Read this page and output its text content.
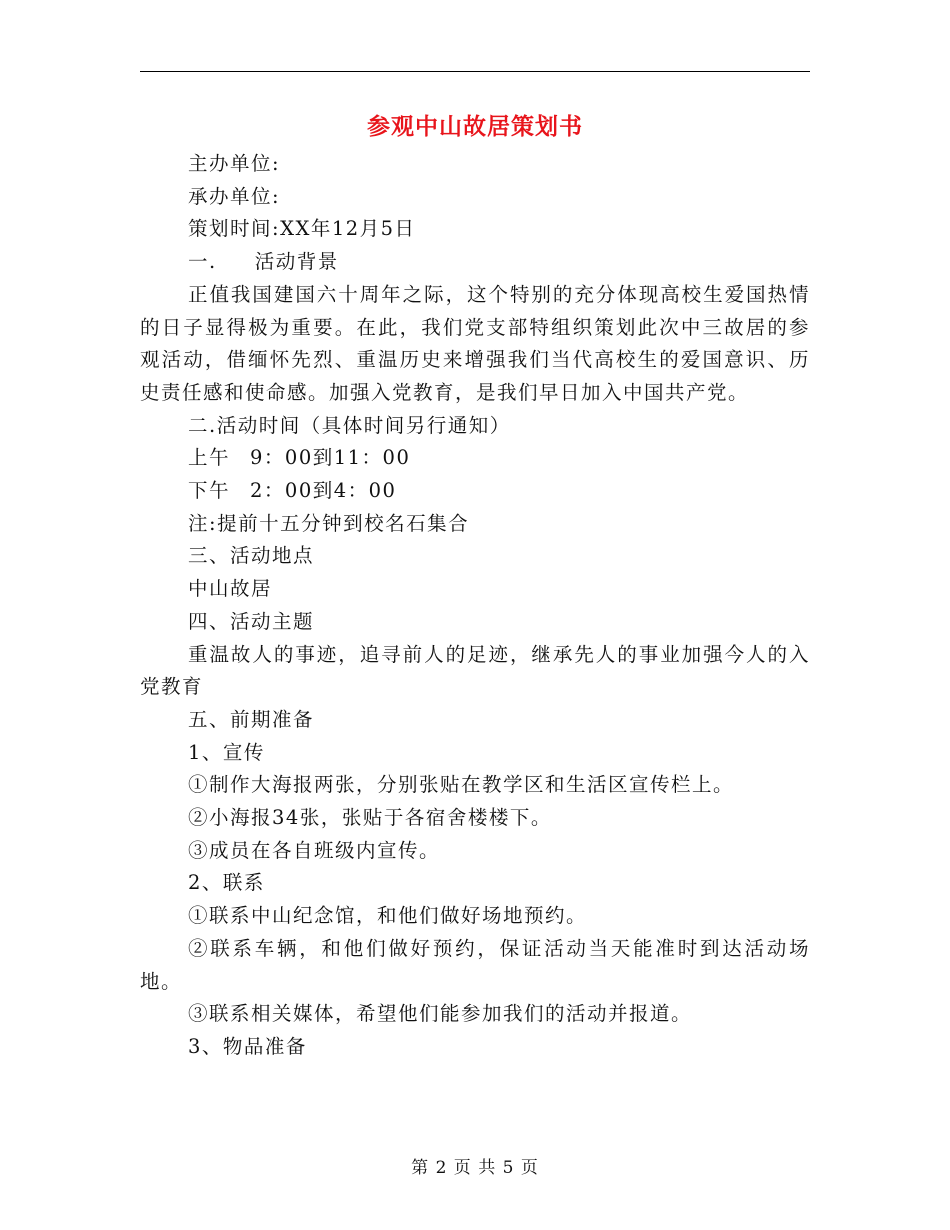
参观中山故居策划书

主办单位:

承办单位:

策划时间:XX年12月5日

一. 活动背景

正值我国建国六十周年之际，这个特别的充分体现高校生爱国热情的日子显得极为重要。在此，我们党支部特组织策划此次中三故居的参观活动，借缅怀先烈、重温历史来增强我们当代高校生的爱国意识、历史责任感和使命感。加强入党教育，是我们早日加入中国共产党。

二.活动时间（具体时间另行通知）

上午 9：00到11：00

下午 2：00到4：00

注:提前十五分钟到校名石集合

三、活动地点

中山故居

四、活动主题

重温故人的事迹，追寻前人的足迹，继承先人的事业加强今人的入党教育

五、前期准备

1、宣传

①制作大海报两张，分别张贴在教学区和生活区宣传栏上。

②小海报34张，张贴于各宿舍楼楼下。

③成员在各自班级内宣传。

2、联系

①联系中山纪念馆，和他们做好场地预约。

②联系车辆，和他们做好预约，保证活动当天能准时到达活动场地。

③联系相关媒体，希望他们能参加我们的活动并报道。

3、物品准备

第 2 页 共 5 页
